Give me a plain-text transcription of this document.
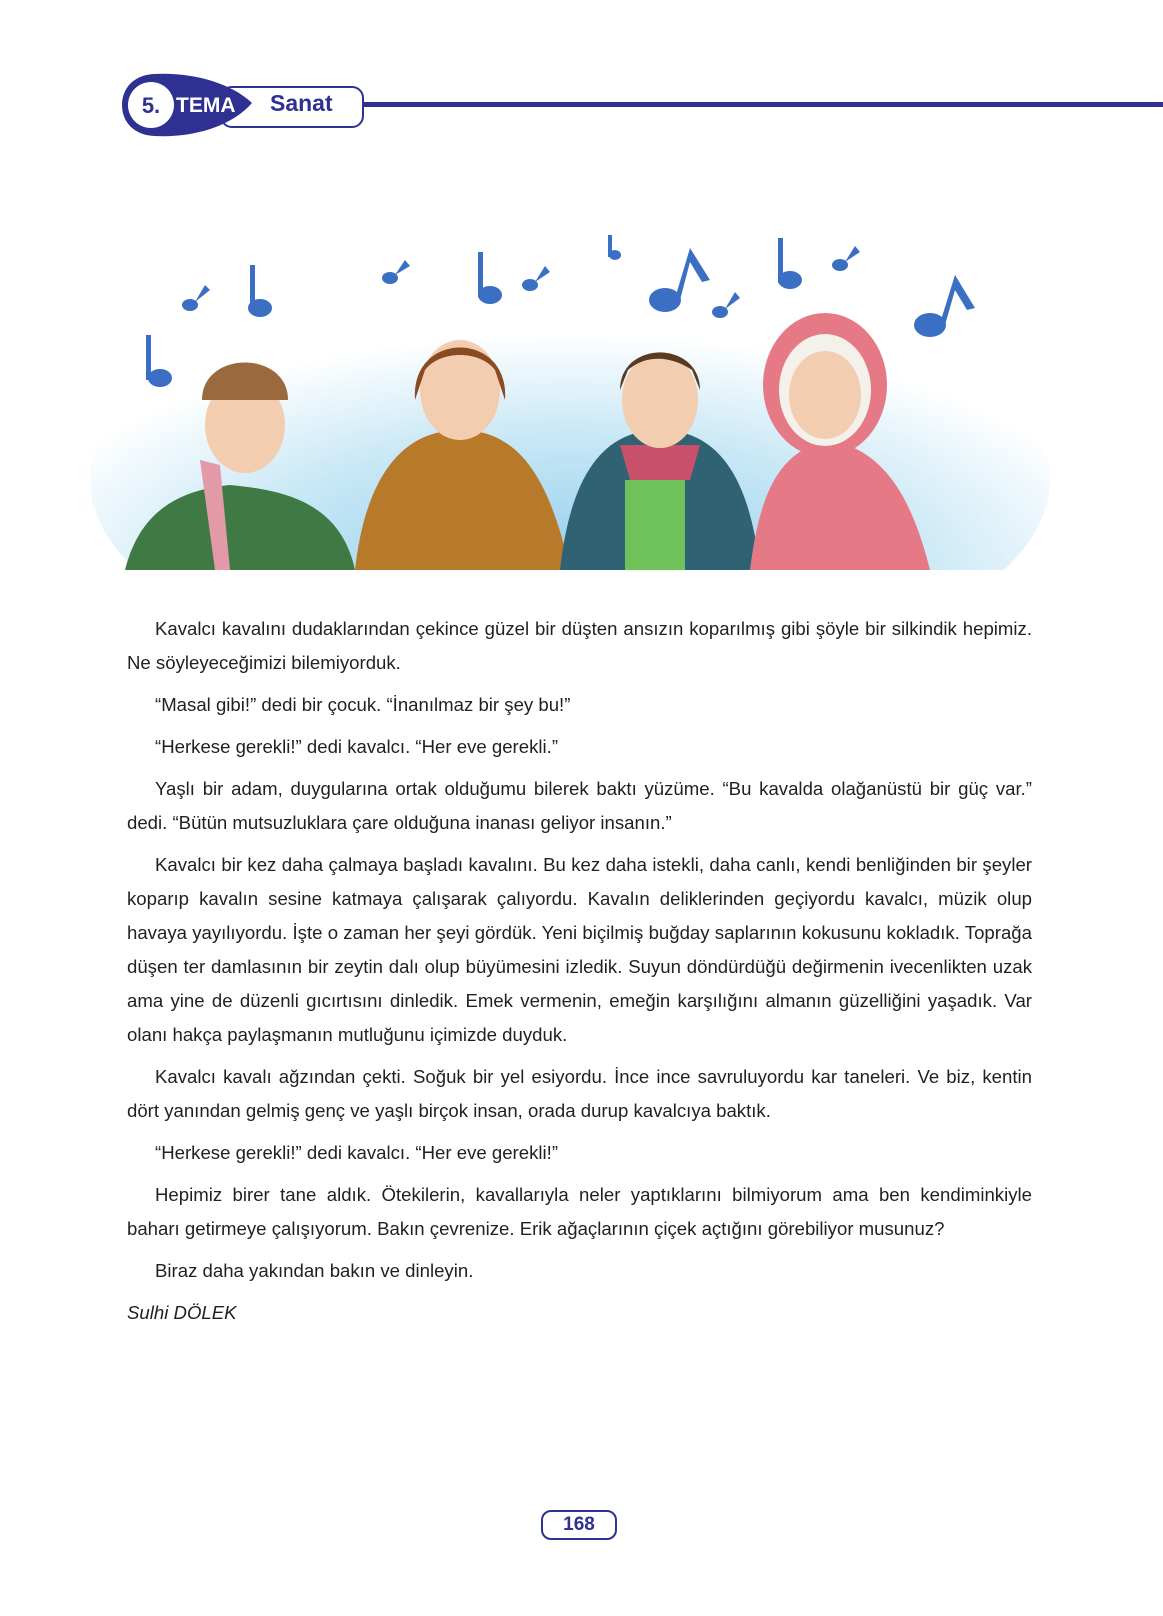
5. TEMA Sanat

Kavalcı kavalını dudaklarından çekince güzel bir düşten ansızın koparılmış gibi şöyle bir silkindik hepimiz. Ne söyleyeceğimizi bilemiyorduk.

“Masal gibi!” dedi bir çocuk. “İnanılmaz bir şey bu!”

“Herkese gerekli!” dedi kavalcı. “Her eve gerekli.”

Yaşlı bir adam, duygularına ortak olduğumu bilerek baktı yüzüme. “Bu kavalda olağanüstü bir güç var.” dedi. “Bütün mutsuzluklara çare olduğuna inanası geliyor insanın.”

Kavalcı bir kez daha çalmaya başladı kavalını. Bu kez daha istekli, daha canlı, kendi benliğinden bir şeyler koparıp kavalın sesine katmaya çalışarak çalıyordu. Kavalın deliklerinden geçiyordu kavalcı, müzik olup havaya yayılıyordu. İşte o zaman her şeyi gördük. Yeni biçilmiş buğday saplarının kokusunu kokladık. Toprağa düşen ter damlasının bir zeytin dalı olup büyümesini izledik. Suyun döndürdüğü değirmenin ivecenlikten uzak ama yine de düzenli gıcırtısını dinledik. Emek vermenin, emeğin karşılığını almanın güzelliğini yaşadık. Var olanı hakça paylaşmanın mutluğunu içimizde duyduk.

Kavalcı kavalı ağzından çekti. Soğuk bir yel esiyordu. İnce ince savruluyordu kar taneleri. Ve biz, kentin dört yanından gelmiş genç ve yaşlı birçok insan, orada durup kavalcıya baktık.

“Herkese gerekli!” dedi kavalcı. “Her eve gerekli!”

Hepimiz birer tane aldık. Ötekilerin, kavallarıyla neler yaptıklarını bilmiyorum ama ben kendiminkiyle baharı getirmeye çalışıyorum. Bakın çevrenize. Erik ağaçlarının çiçek açtığını görebiliyor musunuz?

Biraz daha yakından bakın ve dinleyin.

Sulhi DÖLEK

168
